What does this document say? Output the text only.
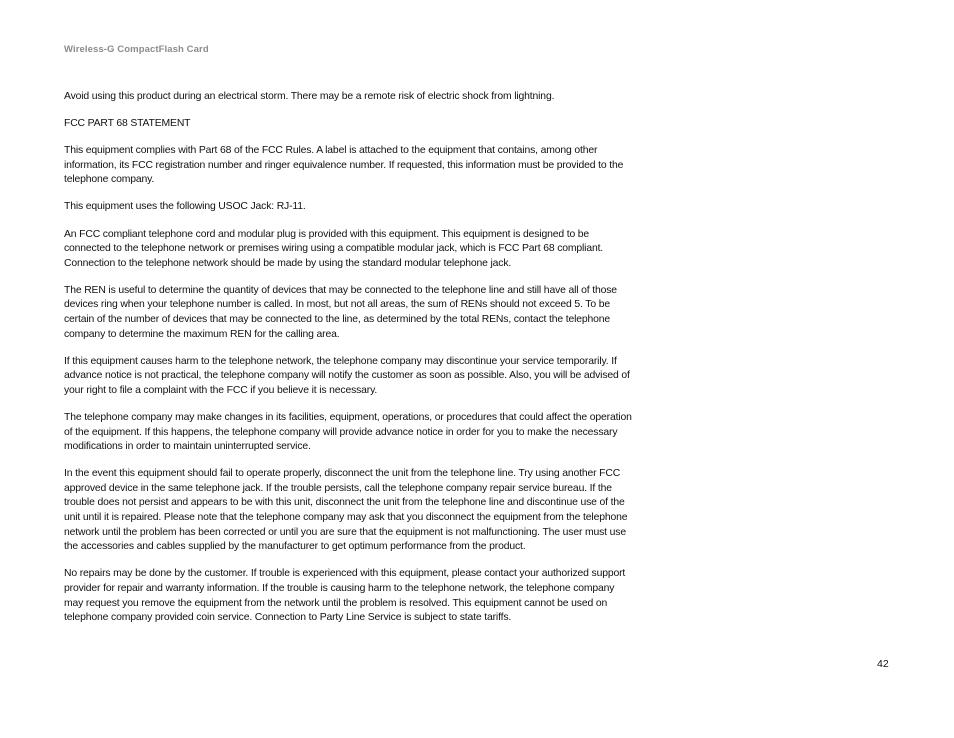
Wireless-G CompactFlash Card

Avoid using this product during an electrical storm. There may be a remote risk of electric shock from lightning.

FCC PART 68 STATEMENT

This equipment complies with Part 68 of the FCC Rules. A label is attached to the equipment that contains, among other information, its FCC registration number and ringer equivalence number. If requested, this information must be provided to the telephone company.

This equipment uses the following USOC Jack: RJ-11.

An FCC compliant telephone cord and modular plug is provided with this equipment. This equipment is designed to be connected to the telephone network or premises wiring using a compatible modular jack, which is FCC Part 68 compliant. Connection to the telephone network should be made by using the standard modular telephone jack.

The REN is useful to determine the quantity of devices that may be connected to the telephone line and still have all of those devices ring when your telephone number is called. In most, but not all areas, the sum of RENs should not exceed 5. To be certain of the number of devices that may be connected to the line, as determined by the total RENs, contact the telephone company to determine the maximum REN for the calling area.

If this equipment causes harm to the telephone network, the telephone company may discontinue your service temporarily. If advance notice is not practical, the telephone company will notify the customer as soon as possible. Also, you will be advised of your right to file a complaint with the FCC if you believe it is necessary.

The telephone company may make changes in its facilities, equipment, operations, or procedures that could affect the operation of the equipment. If this happens, the telephone company will provide advance notice in order for you to make the necessary modifications in order to maintain uninterrupted service.

In the event this equipment should fail to operate properly, disconnect the unit from the telephone line. Try using another FCC approved device in the same telephone jack. If the trouble persists, call the telephone company repair service bureau. If the trouble does not persist and appears to be with this unit, disconnect the unit from the telephone line and discontinue use of the unit until it is repaired. Please note that the telephone company may ask that you disconnect the equipment from the telephone network until the problem has been corrected or until you are sure that the equipment is not malfunctioning. The user must use the accessories and cables supplied by the manufacturer to get optimum performance from the product.

No repairs may be done by the customer. If trouble is experienced with this equipment, please contact your authorized support provider for repair and warranty information. If the trouble is causing harm to the telephone network, the telephone company may request you remove the equipment from the network until the problem is resolved. This equipment cannot be used on telephone company provided coin service. Connection to Party Line Service is subject to state tariffs.

42
